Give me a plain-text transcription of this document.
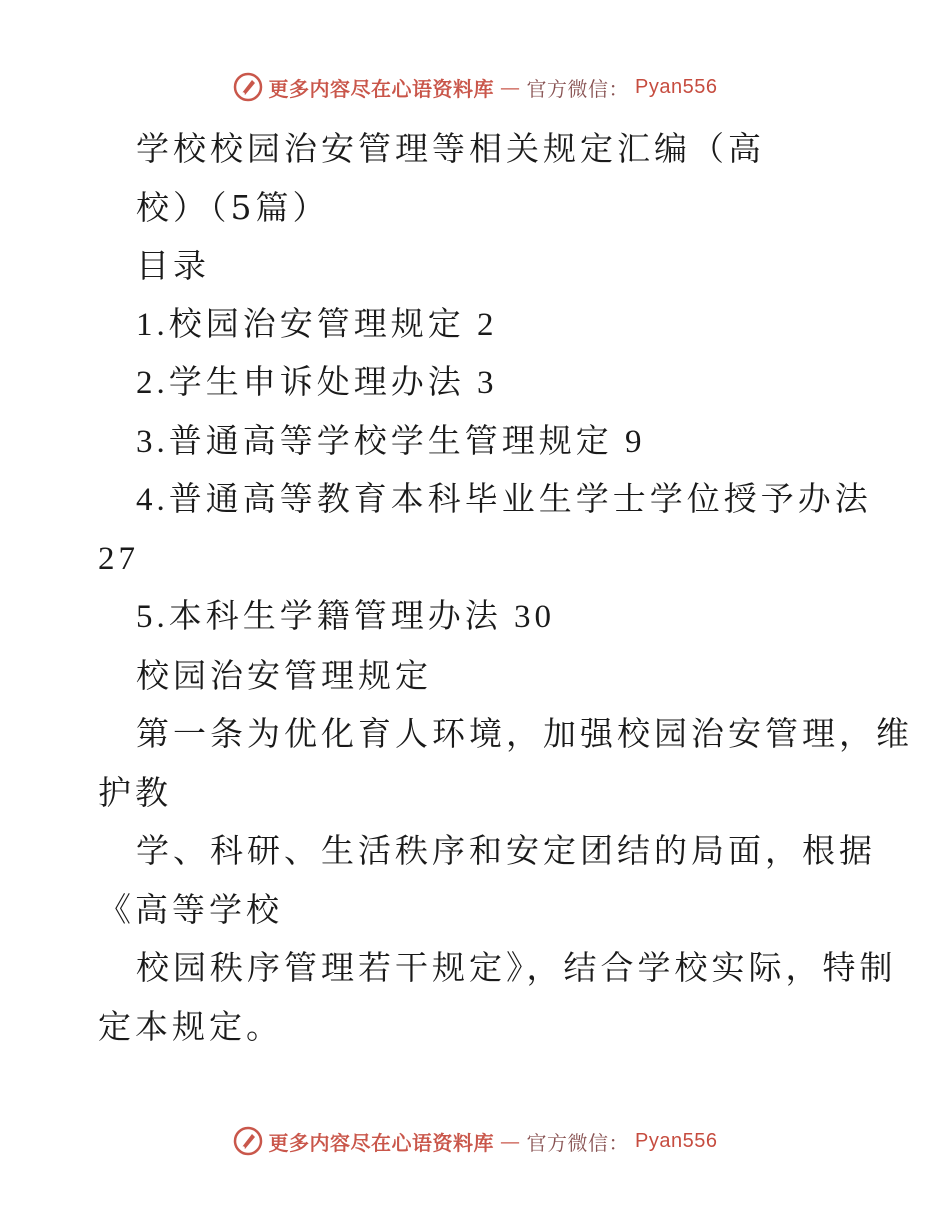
更多内容尽在心语资料库 — 官方微信： Pyan556
学校校园治安管理等相关规定汇编（高
校）（5篇）
目录
1.校园治安管理规定 2
2.学生申诉处理办法 3
3.普通高等学校学生管理规定 9
4.普通高等教育本科毕业生学士学位授予办法
27
5.本科生学籍管理办法 30
校园治安管理规定
第一条为优化育人环境，加强校园治安管理，维
护教
学、科研、生活秩序和安定团结的局面，根据
《高等学校
校园秩序管理若干规定》，结合学校实际，特制
定本规定。
更多内容尽在心语资料库 — 官方微信： Pyan556
